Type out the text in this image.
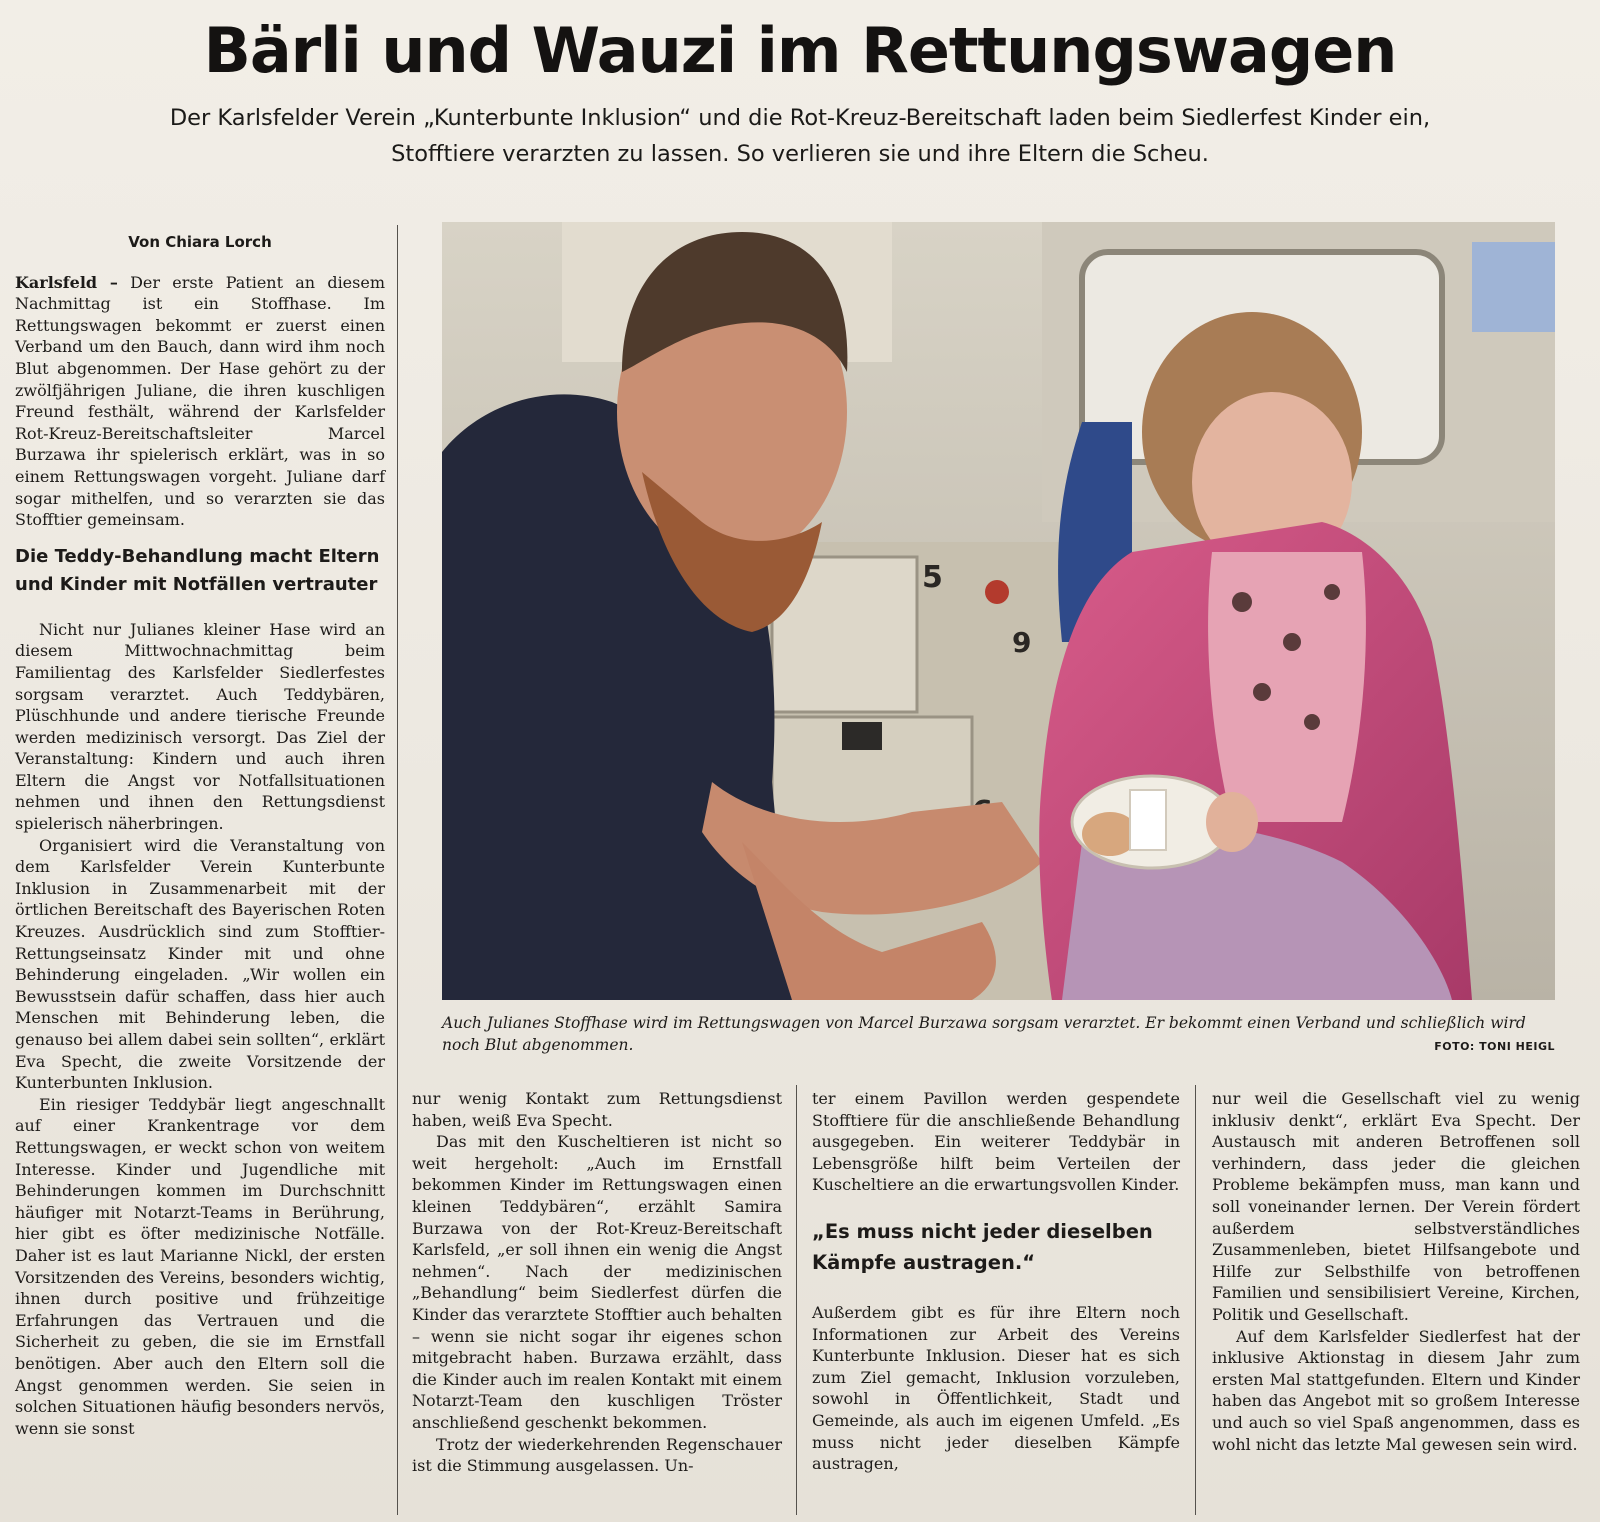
Bärli und Wauzi im Rettungswagen
Der Karlsfelder Verein „Kunterbunte Inklusion“ und die Rot-Kreuz-Bereitschaft laden beim Siedlerfest Kinder ein, Stofftiere verarzten zu lassen. So verlieren sie und ihre Eltern die Scheu.
Von Chiara Lorch

Karlsfeld – Der erste Patient an diesem Nachmittag ist ein Stoffhase. Im Rettungswagen bekommt er zuerst einen Verband um den Bauch, dann wird ihm noch Blut abgenommen. Der Hase gehört zu der zwölfjährigen Juliane, die ihren kuschligen Freund festhält, während der Karlsfelder Rot-Kreuz-Bereitschaftsleiter Marcel Burzawa ihr spielerisch erklärt, was in so einem Rettungswagen vorgeht. Juliane darf sogar mithelfen, und so verarzten sie das Stofftier gemeinsam.

Die Teddy-Behandlung macht Eltern und Kinder mit Notfällen vertrauter

Nicht nur Julianes kleiner Hase wird an diesem Mittwochnachmittag beim Familientag des Karlsfelder Siedlerfestes sorgsam verarztet. Auch Teddybären, Plüschhunde und andere tierische Freunde werden medizinisch versorgt. Das Ziel der Veranstaltung: Kindern und auch ihren Eltern die Angst vor Notfallsituationen nehmen und ihnen den Rettungsdienst spielerisch näherbringen.

Organisiert wird die Veranstaltung von dem Karlsfelder Verein Kunterbunte Inklusion in Zusammenarbeit mit der örtlichen Bereitschaft des Bayerischen Roten Kreuzes. Ausdrücklich sind zum Stofftier-Rettungseinsatz Kinder mit und ohne Behinderung eingeladen. „Wir wollen ein Bewusstsein dafür schaffen, dass hier auch Menschen mit Behinderung leben, die genauso bei allem dabei sein sollten“, erklärt Eva Specht, die zweite Vorsitzende der Kunterbunten Inklusion.

Ein riesiger Teddybär liegt angeschnallt auf einer Krankentrage vor dem Rettungswagen, er weckt schon von weitem Interesse. Kinder und Jugendliche mit Behinderungen kommen im Durchschnitt häufiger mit Notarzt-Teams in Berührung, hier gibt es öfter medizinische Notfälle. Daher ist es laut Marianne Nickl, der ersten Vorsitzenden des Vereins, besonders wichtig, ihnen durch positive und frühzeitige Erfahrungen das Vertrauen und die Sicherheit zu geben, die sie im Ernstfall benötigen. Aber auch den Eltern soll die Angst genommen werden. Sie seien in solchen Situationen häufig besonders nervös, wenn sie sonst

5
9
Auch Julianes Stoffhase wird im Rettungswagen von Marcel Burzawa sorgsam verarztet. Er bekommt einen Verband und schließlich wird noch Blut abgenommen.	FOTO: TONI HEIGL

nur wenig Kontakt zum Rettungsdienst haben, weiß Eva Specht.

Das mit den Kuscheltieren ist nicht so weit hergeholt: „Auch im Ernstfall bekommen Kinder im Rettungswagen einen kleinen Teddybären“, erzählt Samira Burzawa von der Rot-Kreuz-Bereitschaft Karlsfeld, „er soll ihnen ein wenig die Angst nehmen“. Nach der medizinischen „Behandlung“ beim Siedlerfest dürfen die Kinder das verarztete Stofftier auch behalten – wenn sie nicht sogar ihr eigenes schon mitgebracht haben. Burzawa erzählt, dass die Kinder auch im realen Kontakt mit einem Notarzt-Team den kuschligen Tröster anschließend geschenkt bekommen.

Trotz der wiederkehrenden Regenschauer ist die Stimmung ausgelassen. Un-

ter einem Pavillon werden gespendete Stofftiere für die anschließende Behandlung ausgegeben. Ein weiterer Teddybär in Lebensgröße hilft beim Verteilen der Kuscheltiere an die erwartungsvollen Kinder.

„Es muss nicht jeder dieselben Kämpfe austragen.“

Außerdem gibt es für ihre Eltern noch Informationen zur Arbeit des Vereins Kunterbunte Inklusion. Dieser hat es sich zum Ziel gemacht, Inklusion vorzuleben, sowohl in Öffentlichkeit, Stadt und Gemeinde, als auch im eigenen Umfeld. „Es muss nicht jeder dieselben Kämpfe austragen,

nur weil die Gesellschaft viel zu wenig inklusiv denkt“, erklärt Eva Specht. Der Austausch mit anderen Betroffenen soll verhindern, dass jeder die gleichen Probleme bekämpfen muss, man kann und soll voneinander lernen. Der Verein fördert außerdem selbstverständliches Zusammenleben, bietet Hilfsangebote und Hilfe zur Selbsthilfe von betroffenen Familien und sensibilisiert Vereine, Kirchen, Politik und Gesellschaft.

Auf dem Karlsfelder Siedlerfest hat der inklusive Aktionstag in diesem Jahr zum ersten Mal stattgefunden. Eltern und Kinder haben das Angebot mit so großem Interesse und auch so viel Spaß angenommen, dass es wohl nicht das letzte Mal gewesen sein wird.
